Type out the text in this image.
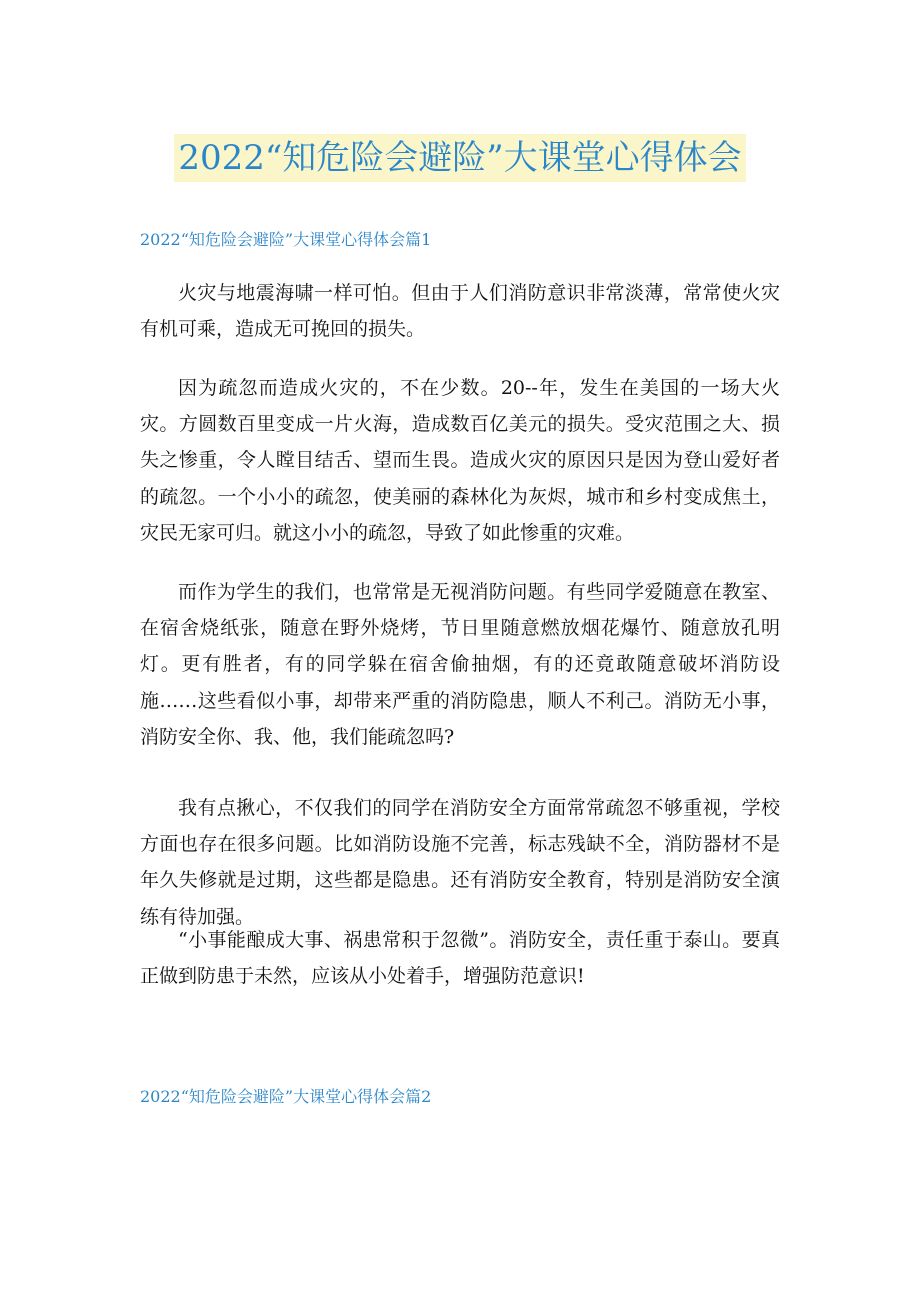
2022“知危险会避险”大课堂心得体会
2022“知危险会避险”大课堂心得体会篇1

火灾与地震海啸一样可怕。但由于人们消防意识非常淡薄，常常使火灾有机可乘，造成无可挽回的损失。

因为疏忽而造成火灾的，不在少数。20--年，发生在美国的一场大火灾。方圆数百里变成一片火海，造成数百亿美元的损失。受灾范围之大、损失之惨重，令人瞠目结舌、望而生畏。造成火灾的原因只是因为登山爱好者的疏忽。一个小小的疏忽，使美丽的森林化为灰烬，城市和乡村变成焦土，灾民无家可归。就这小小的疏忽，导致了如此惨重的灾难。

而作为学生的我们，也常常是无视消防问题。有些同学爱随意在教室、在宿舍烧纸张，随意在野外烧烤，节日里随意燃放烟花爆竹、随意放孔明灯。更有胜者，有的同学躲在宿舍偷抽烟，有的还竟敢随意破坏消防设施……这些看似小事，却带来严重的消防隐患，顺人不利己。消防无小事，消防安全你、我、他，我们能疏忽吗?

我有点揪心，不仅我们的同学在消防安全方面常常疏忽不够重视，学校方面也存在很多问题。比如消防设施不完善，标志残缺不全，消防器材不是年久失修就是过期，这些都是隐患。还有消防安全教育，特别是消防安全演练有待加强。

“小事能酿成大事、祸患常积于忽微”。消防安全，责任重于泰山。要真正做到防患于未然，应该从小处着手，增强防范意识!

2022“知危险会避险”大课堂心得体会篇2
